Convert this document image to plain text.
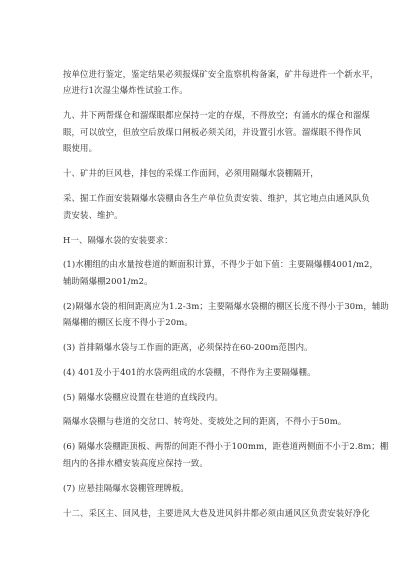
按单位进行鉴定，鉴定结果必须报煤矿安全监察机构备案，矿井每进件一个新水平，
应进行1次湿尘爆炸性试验工作。
九、井下两帮煤仓和溜煤眼都应保持一定的存煤，不得放空；有涌水的煤仓和溜煤
眼，可以放空，但放空后放煤口闸板必须关闭，并设置引水管。溜煤眼不得作风
眼使用。
十、矿井的巨风巷，排包的采煤工作面间，必须用隔爆水袋棚隔开，
采、掘工作面安装隔爆水袋棚由各生产单位负责安装、维护，其它地点由通风队负
责安装、维护。
H一、隔爆水袋的安装要求：
(1)水棚组的由水量按巷道的断面积计算，不得少于如下值：主要隔爆棚4001/m2，
辅助隔爆棚2001/m2。
(2)隔爆水袋的相间距离应为1.2-3m；主要隔爆水袋棚的棚区长度不得小于30m，辅助
隔爆棚的棚区长度不得小于20m。
(3) 首排隔爆水袋与工作面的距离，必须保持在60-200m范围内。
(4) 401及小于401的水袋两组成的水袋棚，不得作为主要隔爆棚。
(5) 隔爆水袋棚应设置在巷道的直线段内。
隔爆水袋棚与巷道的交岔口、转弯处、变坡处之间的距离，不得小于50m。
(6) 隔爆水袋棚距顶板、两帮的间距不得小于100mm，距巷道两侧面不小于2.8m；棚
组内的各排水槽安装高度应保持一致。
(7) 应悬挂隔爆水袋棚管理牌板。
十二、采区主、回风巷，主要进风大巷及进风斜井都必须由通风区负责安装好净化
